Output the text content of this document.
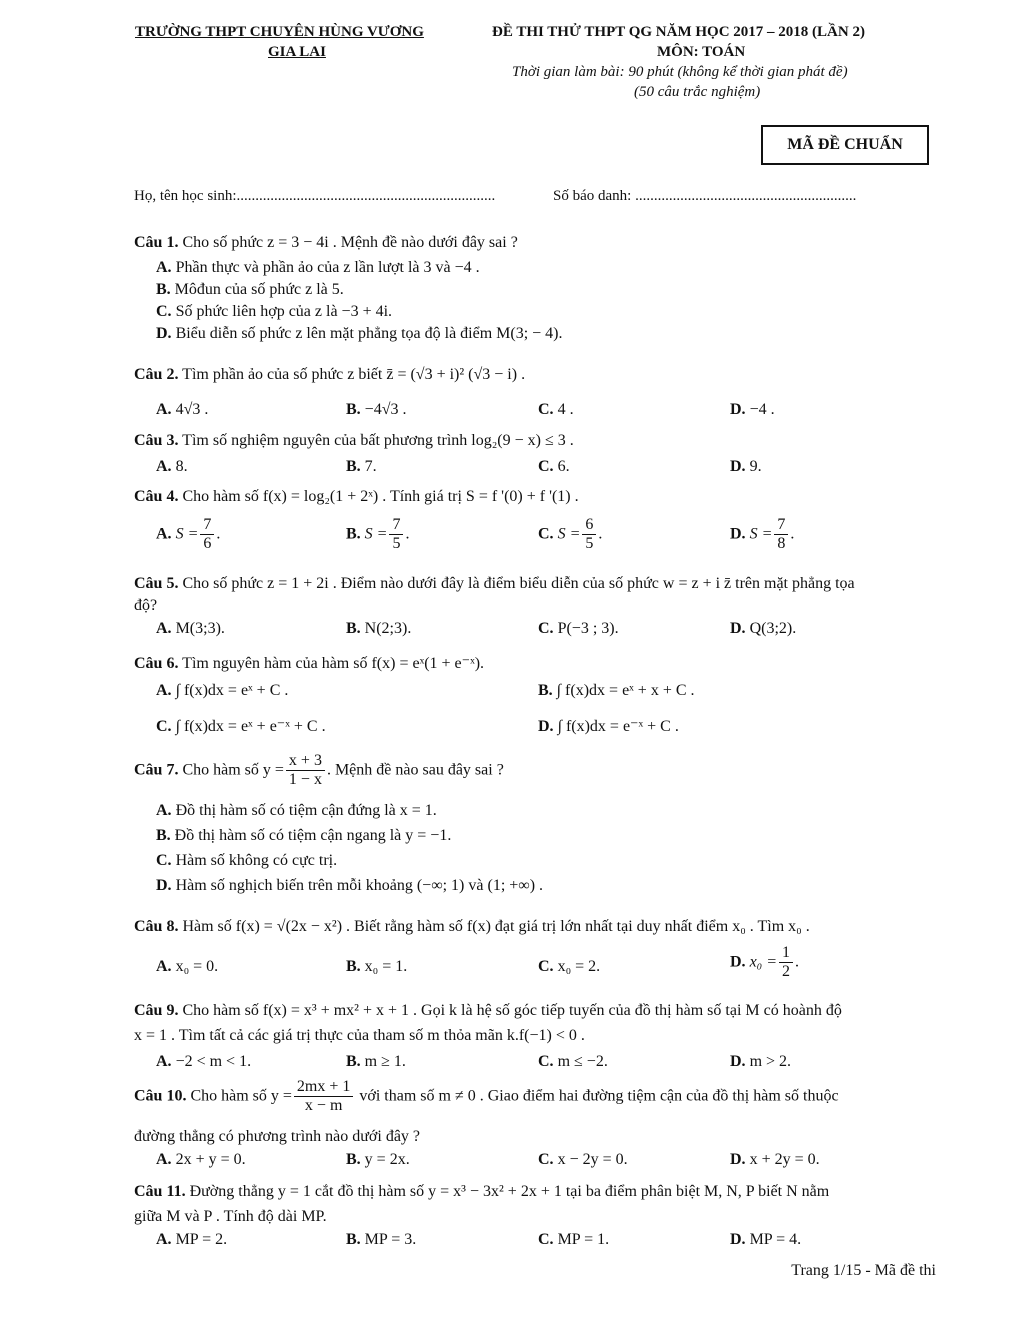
TRƯỜNG THPT CHUYÊN HÙNG VƯƠNG
GIA LAI
ĐỀ THI THỬ THPT QG NĂM HỌC 2017 – 2018 (LẦN 2)
MÔN: TOÁN
Thời gian làm bài: 90 phút (không kể thời gian phát đề)
(50 câu trắc nghiệm)
MÃ ĐỀ CHUẨN
Họ, tên học sinh:.....................................................................	Số báo danh: ...........................................................
Câu 1. Cho số phức z = 3 − 4i . Mệnh đề nào dưới đây sai ?
A. Phần thực và phần ảo của z lần lượt là 3 và −4 .
B. Môđun của số phức z là 5.
C. Số phức liên hợp của z là −3 + 4i.
D. Biểu diễn số phức z lên mặt phẳng tọa độ là điểm M(3; − 4).
Câu 2. Tìm phần ảo của số phức z biết z̄ = (√3 + i)² (√3 − i) .
A. 4√3 .	B. −4√3 .	C. 4 .	D. −4 .
Câu 3. Tìm số nghiệm nguyên của bất phương trình log₂(9 − x) ≤ 3 .
A. 8.	B. 7.	C. 6.	D. 9.
Câu 4. Cho hàm số f(x) = log₂(1 + 2ˣ) . Tính giá trị S = f '(0) + f '(1) .
A. $S = \frac{7}{6}$ .	B. $S = \frac{7}{5}$ .	C. $S = \frac{6}{5}$ .	D. $S = \frac{7}{8}$ .
Câu 5. Cho số phức z = 1 + 2i . Điểm nào dưới đây là điểm biểu diễn của số phức w = z + i z̄ trên mặt phẳng tọa
độ?
A. M(3;3).	B. N(2;3).	C. P(−3 ; 3).	D. Q(3;2).
Câu 6. Tìm nguyên hàm của hàm số f(x) = eˣ(1 + e⁻ˣ).
A. ∫ f(x)dx = eˣ + C .	B. ∫ f(x)dx = eˣ + x + C .
C. ∫ f(x)dx = eˣ + e⁻ˣ + C .	D. ∫ f(x)dx = e⁻ˣ + C .
Câu 7. Cho hàm số $y = \frac{x + 3}{1 - x}$ . Mệnh đề nào sau đây sai ?
A. Đồ thị hàm số có tiệm cận đứng là x = 1.
B. Đồ thị hàm số có tiệm cận ngang là y = −1.
C. Hàm số không có cực trị.
D. Hàm số nghịch biến trên mỗi khoảng (−∞; 1) và (1; +∞) .
Câu 8. Hàm số f(x) = √(2x − x²) . Biết rằng hàm số f(x) đạt giá trị lớn nhất tại duy nhất điểm x₀ . Tìm x₀ .
A. x₀ = 0.	B. x₀ = 1.	C. x₀ = 2.	D. $x_0 = \frac{1}{2}$ .
Câu 9. Cho hàm số f(x) = x³ + mx² + x + 1 . Gọi k là hệ số góc tiếp tuyến của đồ thị hàm số tại M có hoành độ
x = 1 . Tìm tất cả các giá trị thực của tham số m thỏa mãn k.f(−1) < 0 .
A. −2 < m < 1.	B. m ≥ 1.	C. m ≤ −2.	D. m > 2.
Câu 10. Cho hàm số $y = \frac{2mx + 1}{x - m}$ với tham số m ≠ 0 . Giao điểm hai đường tiệm cận của đồ thị hàm số thuộc
đường thẳng có phương trình nào dưới đây ?
A. 2x + y = 0.	B. y = 2x.	C. x − 2y = 0.	D. x + 2y = 0.
Câu 11. Đường thẳng y = 1 cắt đồ thị hàm số y = x³ − 3x² + 2x + 1 tại ba điểm phân biệt M, N, P biết N nằm
giữa M và P . Tính độ dài MP.
A. MP = 2.	B. MP = 3.	C. MP = 1.	D. MP = 4.
Trang 1/15 - Mã đề thi
